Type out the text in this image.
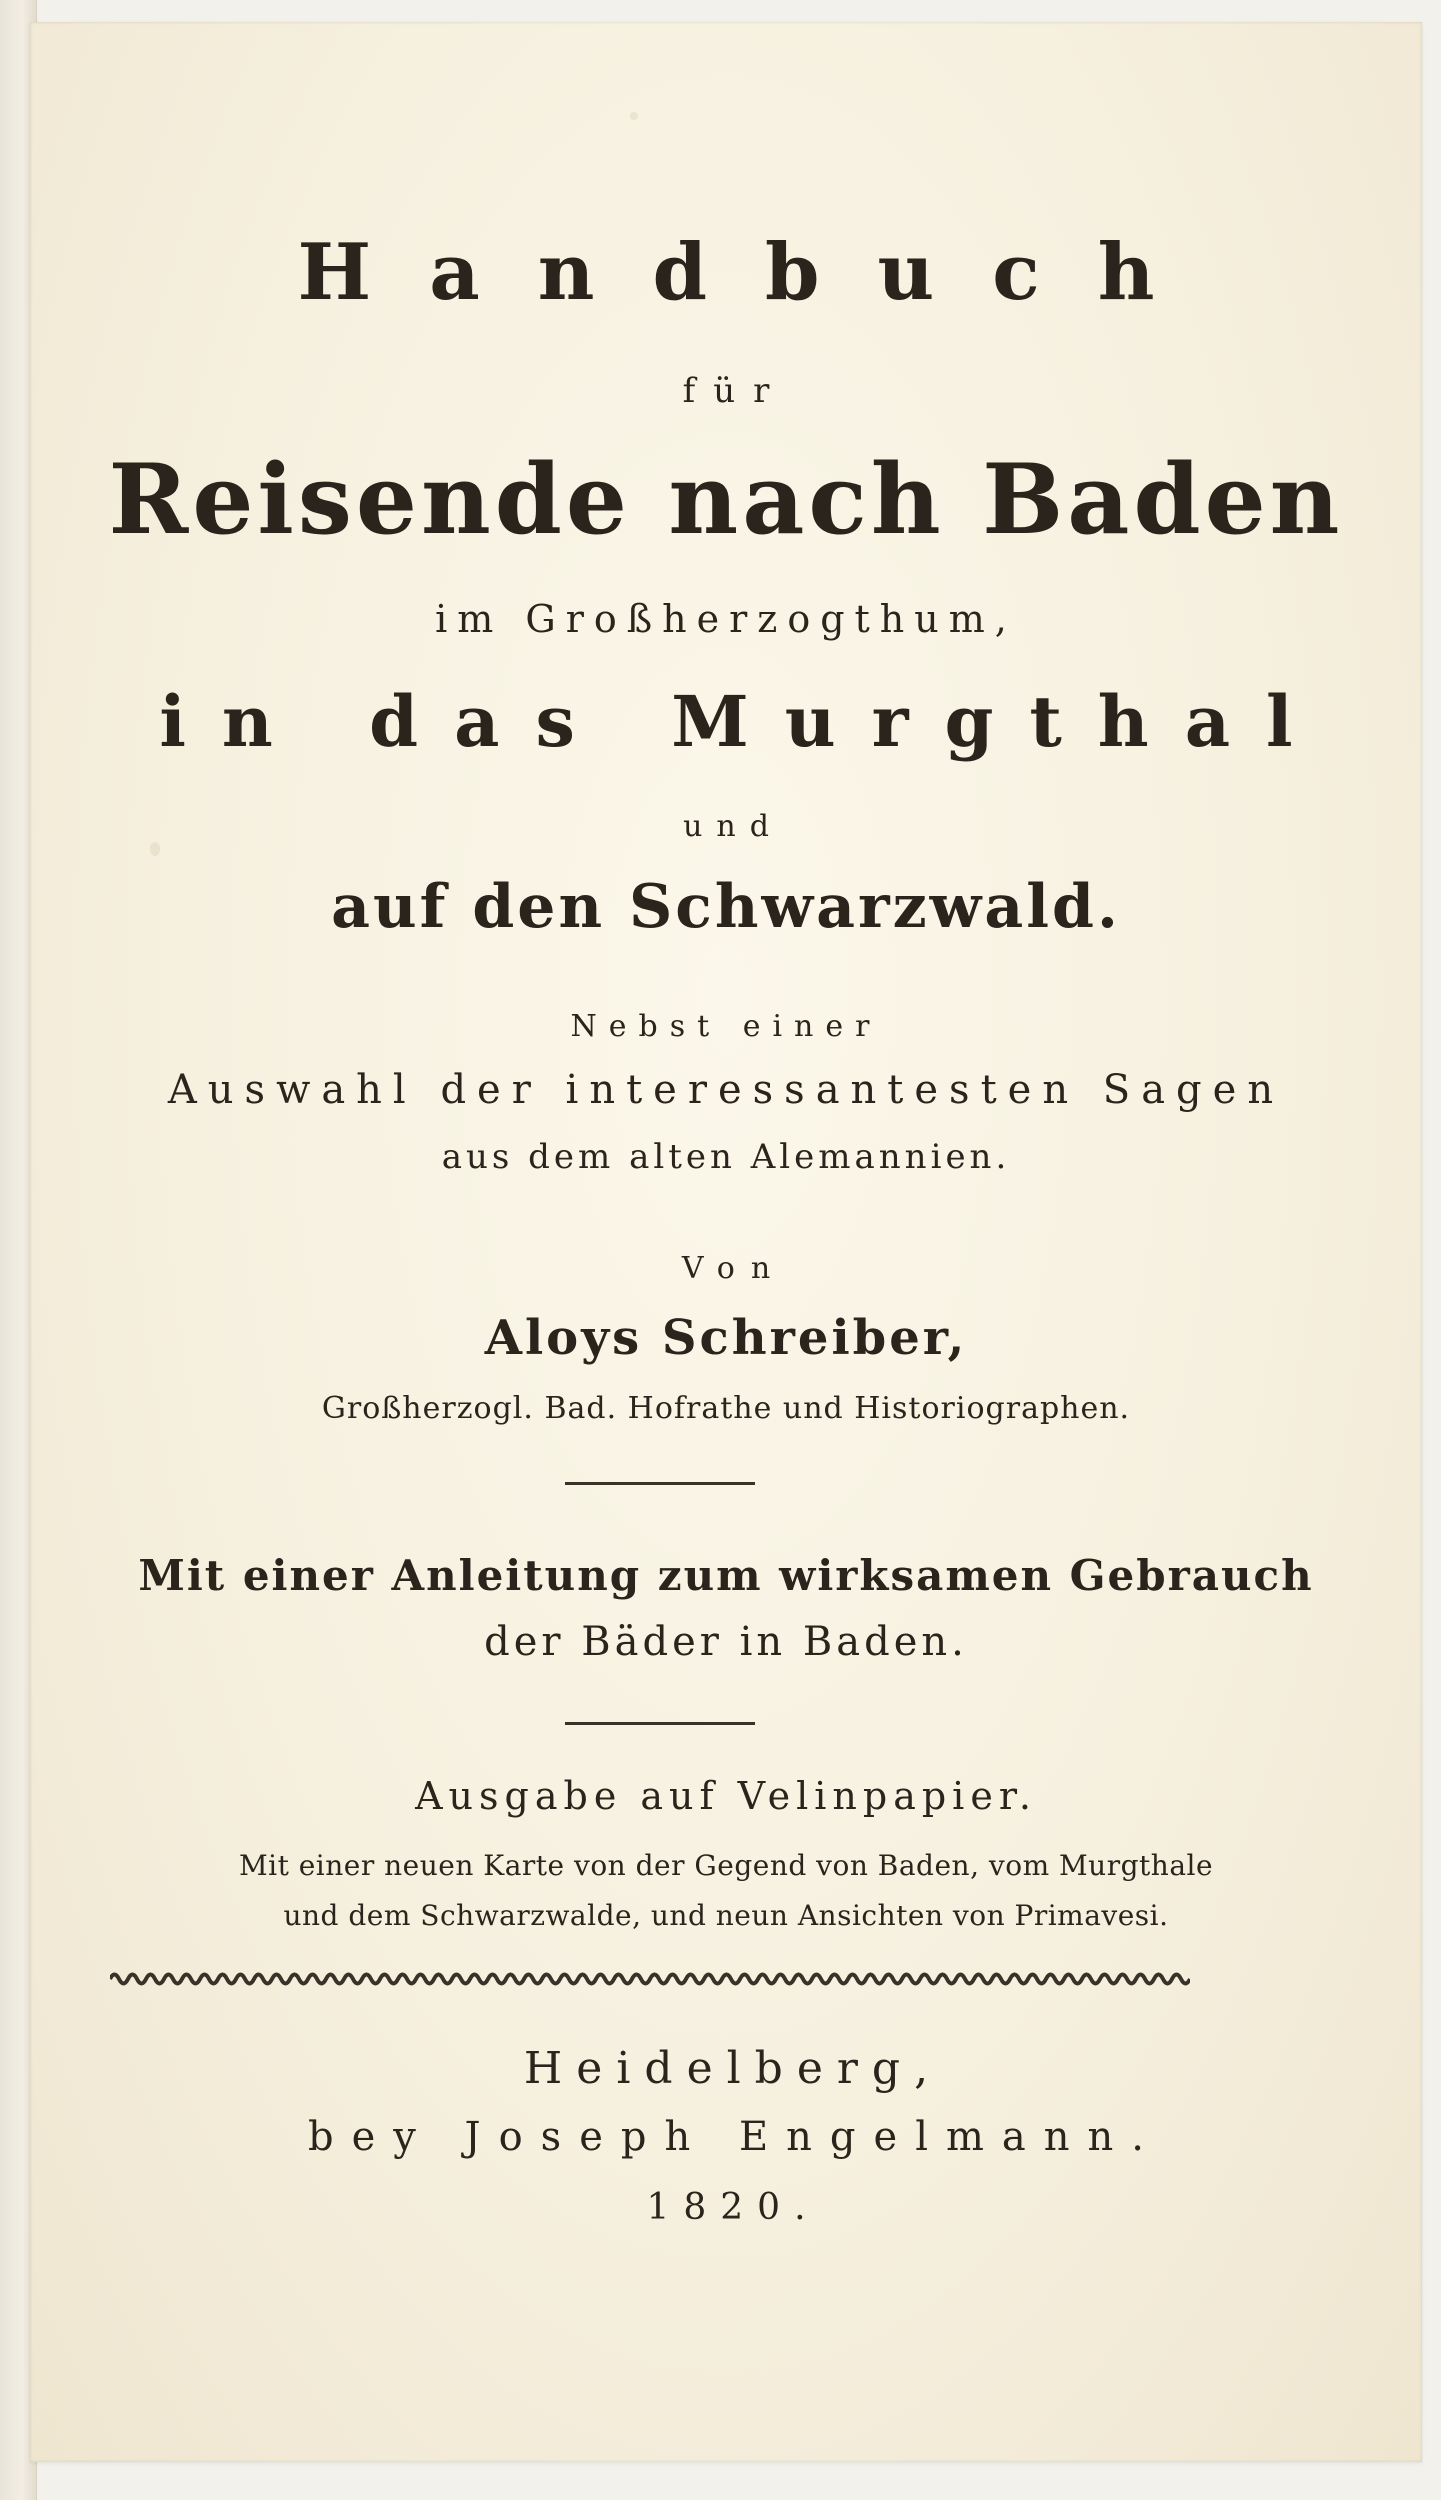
Handbuch
für
Reisende nach Baden
im Großherzogthum,
in das Murgthal
und
auf den Schwarzwald.
Nebst einer
Auswahl der interessantesten Sagen
aus dem alten Alemannien.
Von
Aloys Schreiber,
Großherzogl. Bad. Hofrathe und Historiographen.
Mit einer Anleitung zum wirksamen Gebrauch
der Bäder in Baden.
Ausgabe auf Velinpapier.
Mit einer neuen Karte von der Gegend von Baden, vom Murgthale
und dem Schwarzwalde, und neun Ansichten von Primavesi.
Heidelberg,
bey Joseph Engelmann.
1820.
